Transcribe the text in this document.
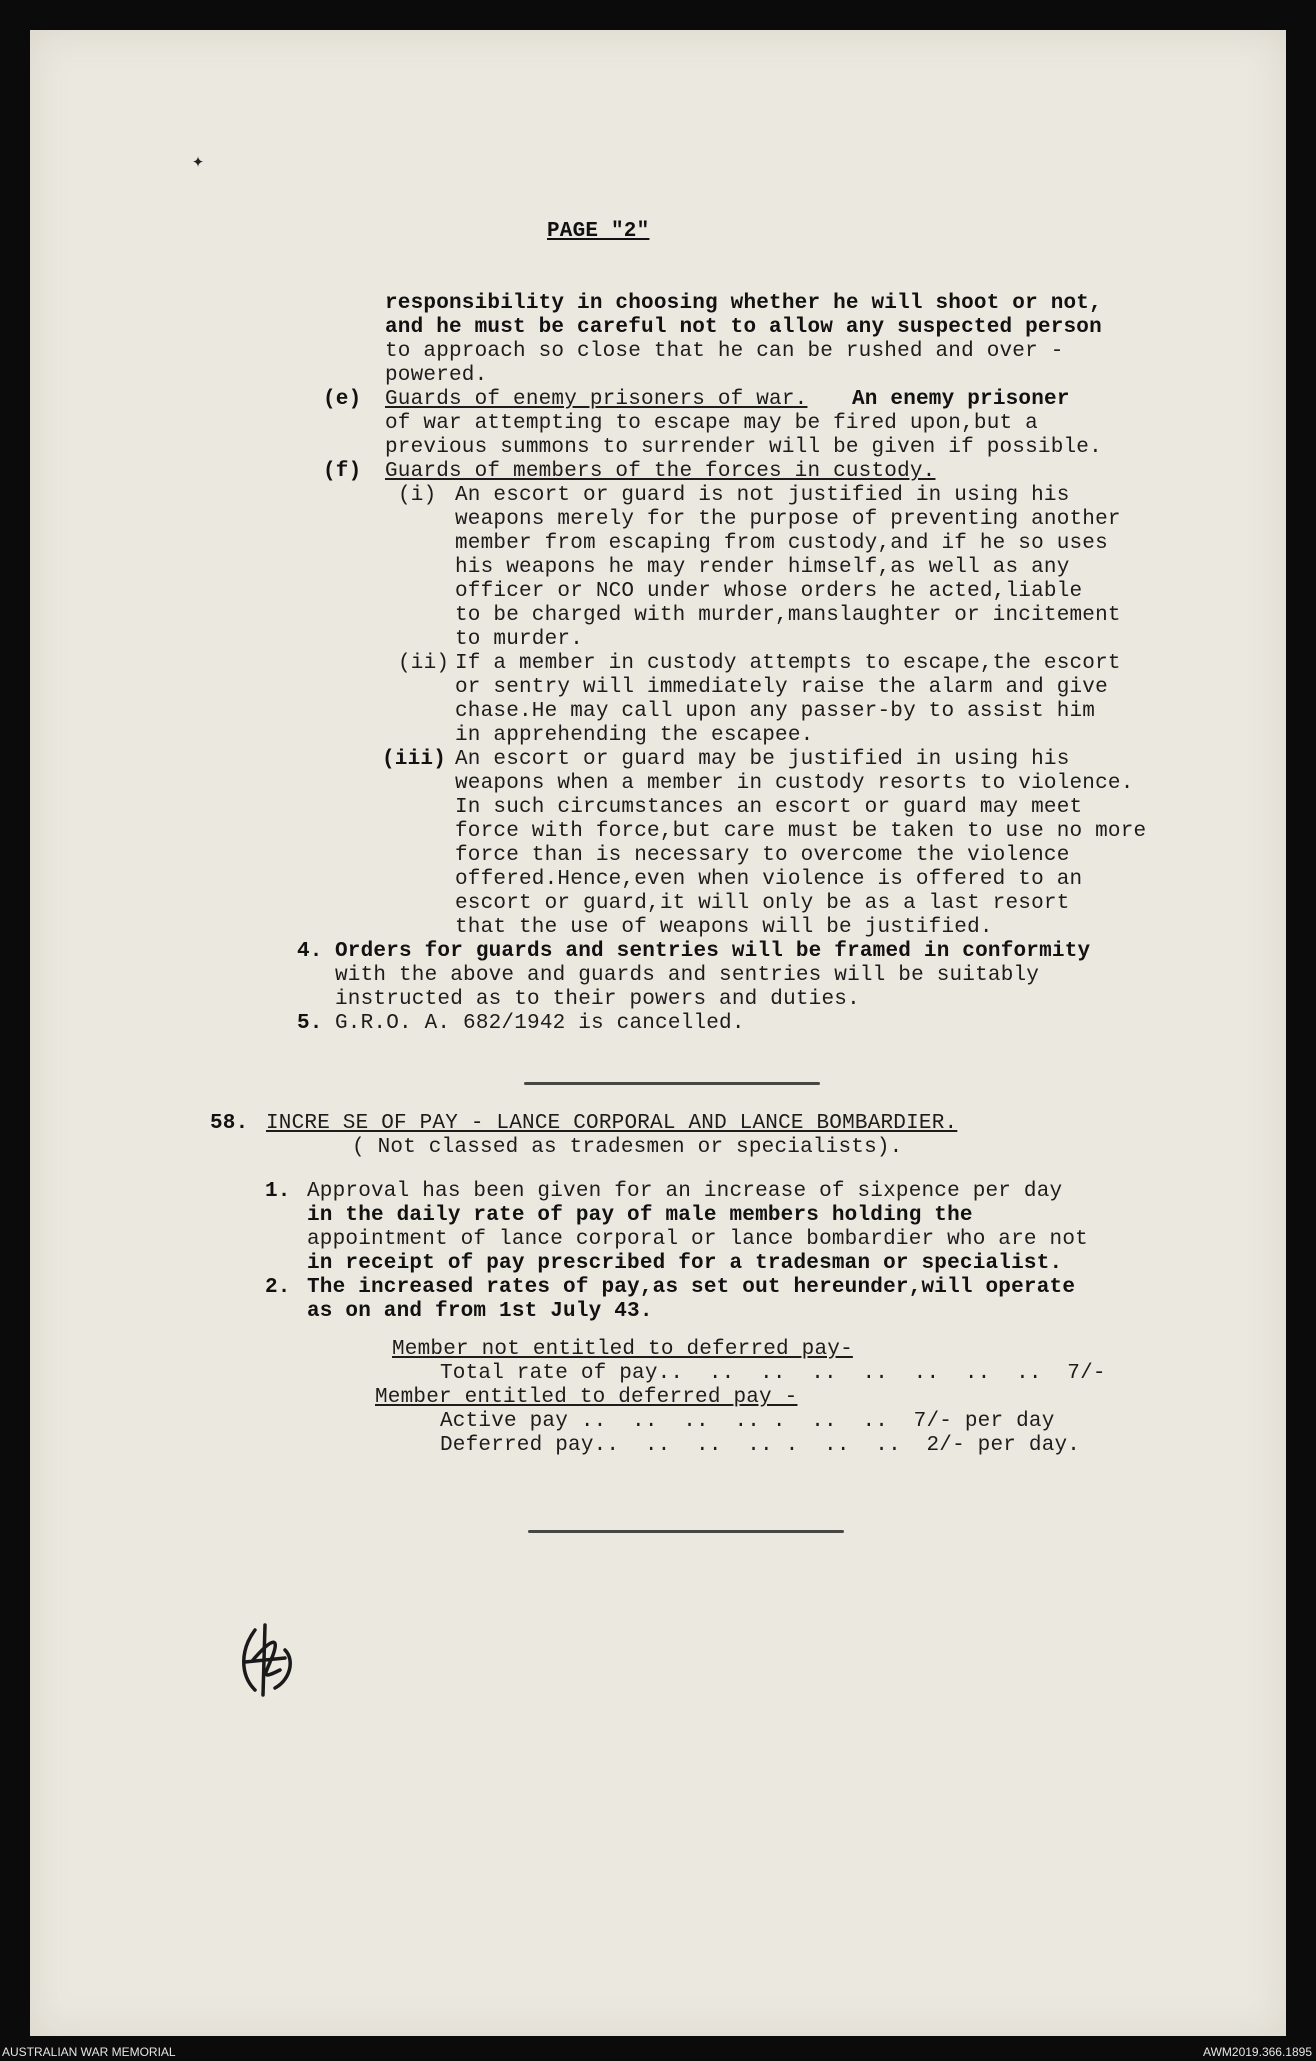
✦
PAGE "2"
responsibility in choosing whether he will shoot or not,
and he must be careful not to allow any suspected person
to approach so close that he can be rushed and over -
powered.
(e) Guards of enemy prisoners of war. An enemy prisoner
of war attempting to escape may be fired upon,but a
previous summons to surrender will be given if possible.
(f) Guards of members of the forces in custody.
(i) An escort or guard is not justified in using his
weapons merely for the purpose of preventing another
member from escaping from custody,and if he so uses
his weapons he may render himself,as well as any
officer or NCO under whose orders he acted,liable
to be charged with murder,manslaughter or incitement
to murder.
(ii) If a member in custody attempts to escape,the escort
or sentry will immediately raise the alarm and give
chase.He may call upon any passer-by to assist him
in apprehending the escapee.
(iii) An escort or guard may be justified in using his
weapons when a member in custody resorts to violence.
In such circumstances an escort or guard may meet
force with force,but care must be taken to use no more
force than is necessary to overcome the violence
offered.Hence,even when violence is offered to an
escort or guard,it will only be as a last resort
that the use of weapons will be justified.
4. Orders for guards and sentries will be framed in conformity
with the above and guards and sentries will be suitably
instructed as to their powers and duties.
5. G.R.O. A. 682/1942 is cancelled.
58. INCRE SE OF PAY - LANCE CORPORAL AND LANCE BOMBARDIER.
( Not classed as tradesmen or specialists).
1. Approval has been given for an increase of sixpence per day
in the daily rate of pay of male members holding the
appointment of lance corporal or lance bombardier who are not
in receipt of pay prescribed for a tradesman or specialist.
2. The increased rates of pay,as set out hereunder,will operate
as on and from 1st July 43.
Member not entitled to deferred pay-
Total rate of pay..  ..  ..  ..  ..  ..  ..  ..  7/-
Member entitled to deferred pay -
Active pay ..  ..  ..  .. .  ..  ..  7/- per day
Deferred pay..  ..  ..  .. .  ..  ..  2/- per day.
AUSTRALIAN WAR MEMORIAL	AWM2019.366.1895
